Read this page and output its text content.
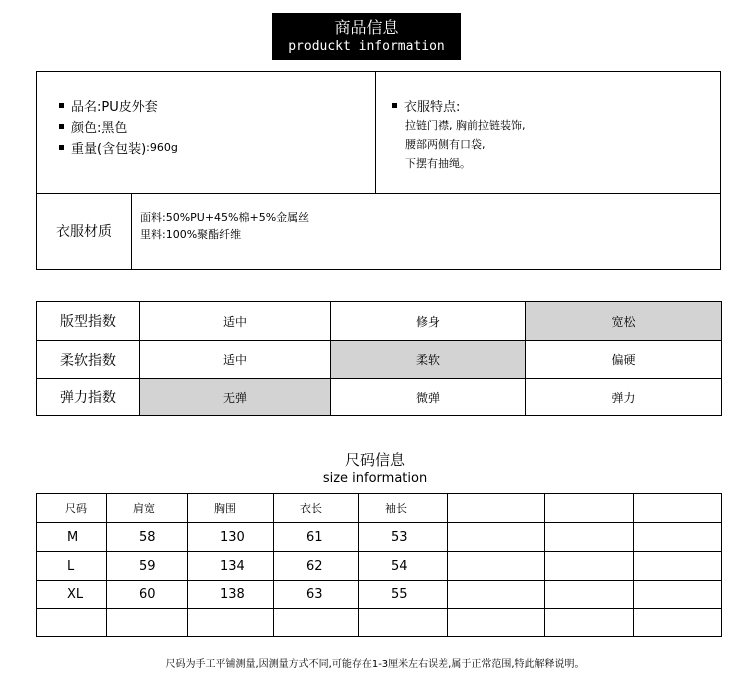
商品信息
produckt information
品名:PU皮外套
颜色:黑色
重量(含包装) :960g
衣服特点:
拉链门襟, 胸前拉链装饰,
腰部两侧有口袋,
下摆有抽绳。
衣服材质
面料:50%PU+45%棉+5%金属丝
里料:100%聚酯纤维
版型指数	适中	修身	宽松
柔软指数	适中	柔软	偏硬
弹力指数	无弹	微弹	弹力
尺码信息
size information
尺码	肩宽	胸围	衣长	袖长			
M	58	130	61	53			
L	59	134	62	54			
XL	60	138	63	55			

尺码为手工平铺测量,因测量方式不同,可能存在1-3厘米左右误差,属于正常范围,特此解释说明。
